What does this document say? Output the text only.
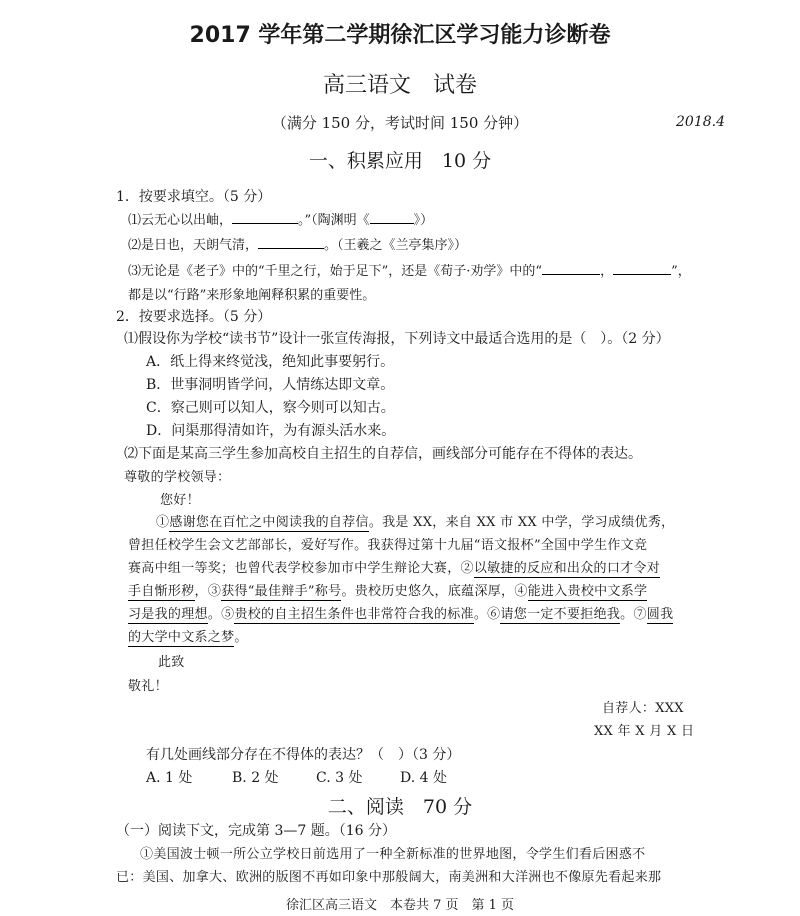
2017 学年第二学期徐汇区学习能力诊断卷
高三语文　试卷
（满分 150 分，考试时间 150 分钟）	2018.4
一、积累应用　10 分
1．按要求填空。（5 分）
⑴云无心以出岫，	。”（陶渊明《	》）
⑵是日也，天朗气清，	。（王羲之《兰亭集序》）
⑶无论是《老子》中的“千里之行，始于足下”，还是《荀子·劝学》中的“	，	”，
都是以“行路”来形象地阐释积累的重要性。
2．按要求选择。（5 分）
⑴假设你为学校“读书节”设计一张宣传海报，下列诗文中最适合选用的是（　）。（2 分）
A．纸上得来终觉浅，绝知此事要躬行。
B．世事洞明皆学问，人情练达即文章。
C．察己则可以知人，察今则可以知古。
D．问渠那得清如许，为有源头活水来。
⑵下面是某高三学生参加高校自主招生的自荐信，画线部分可能存在不得体的表达。
尊敬的学校领导：
您好！
①感谢您在百忙之中阅读我的自荐信。我是 XX，来自 XX 市 XX 中学，学习成绩优秀，
曾担任校学生会文艺部部长，爱好写作。我获得过第十九届“语文报杯”全国中学生作文竞
赛高中组一等奖；也曾代表学校参加市中学生辩论大赛，②以敏捷的反应和出众的口才令对
手自惭形秽，③获得“最佳辩手”称号。贵校历史悠久，底蕴深厚，④能进入贵校中文系学
习是我的理想。⑤贵校的自主招生条件也非常符合我的标准。⑥请您一定不要拒绝我。⑦圆我
的大学中文系之梦。
此致
敬礼！
自荐人：XXX
XX 年 X 月 X 日
有几处画线部分存在不得体的表达？（　）（3 分）
A. 1 处	B. 2 处	C. 3 处	D. 4 处
二、阅读　70 分
（一）阅读下文，完成第 3—7 题。（16 分）
①美国波士顿一所公立学校日前选用了一种全新标准的世界地图，令学生们看后困惑不
已：美国、加拿大、欧洲的版图不再如印象中那般阔大，南美洲和大洋洲也不像原先看起来那
徐汇区高三语文　本卷共 7 页　第 1 页
